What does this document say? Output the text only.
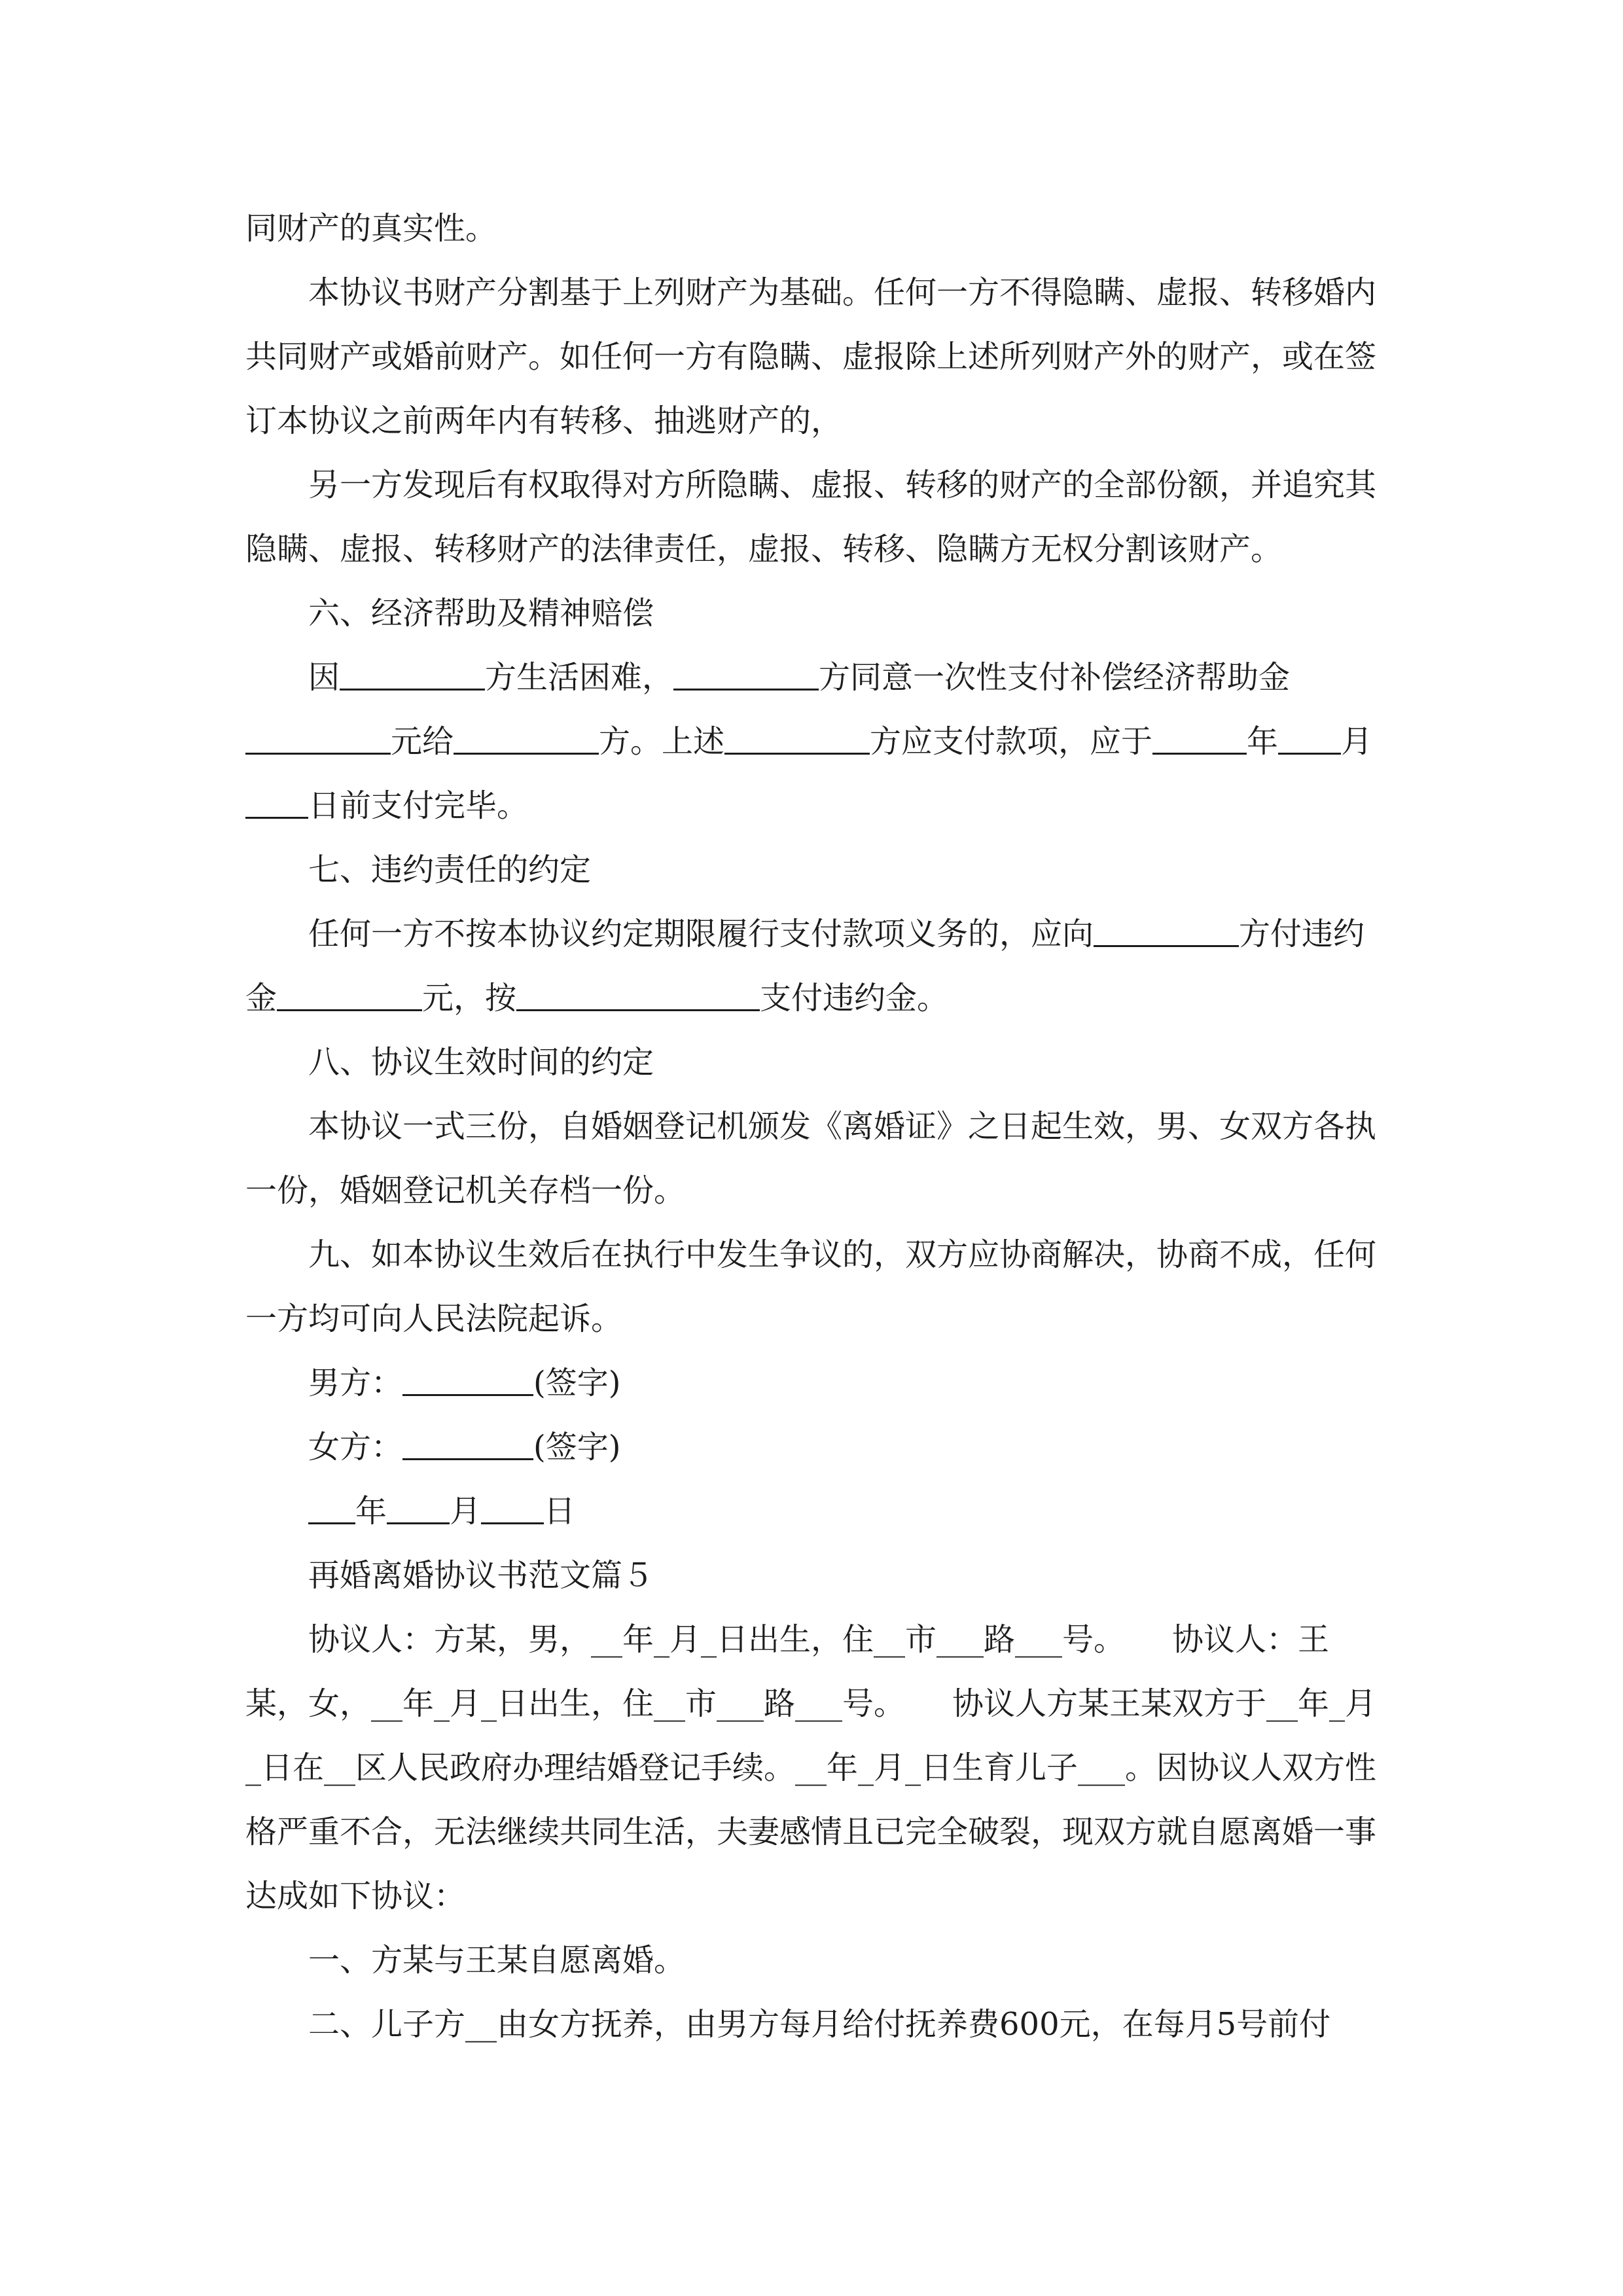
同财产的真实性。

本协议书财产分割基于上列财产为基础。任何一方不得隐瞒、虚报、转移婚内共同财产或婚前财产。如任何一方有隐瞒、虚报除上述所列财产外的财产，或在签订本协议之前两年内有转移、抽逃财产的，

另一方发现后有权取得对方所隐瞒、虚报、转移的财产的全部份额，并追究其隐瞒、虚报、转移财产的法律责任，虚报、转移、隐瞒方无权分割该财产。

六、经济帮助及精神赔偿

因	方生活困难，	方同意一次性支付补偿经济帮助金元给	方。上述	方应支付款项，应于	年 月日前支付完毕。

七、违约责任的约定

任何一方不按本协议约定期限履行支付款项义务的，应向	方付违约金	元，按	支付违约金。

八、协议生效时间的约定

本协议一式三份，自婚姻登记机颁发《离婚证》之日起生效，男、女双方各执一份，婚姻登记机关存档一份。

九、如本协议生效后在执行中发生争议的，双方应协商解决，协商不成，任何一方均可向人民法院起诉。

男方：	(签字)

女方：	(签字)

年 月 日

再婚离婚协议书范文篇５

协议人：方某，男，__年_月_日出生，住__市___路___号。　　协议人：王某，女，__年_月_日出生，住__市___路___号。　　协议人方某王某双方于__年_月_日在__区人民政府办理结婚登记手续。__年_月_日生育儿子___。因协议人双方性格严重不合，无法继续共同生活，夫妻感情且已完全破裂，现双方就自愿离婚一事达成如下协议：

一、方某与王某自愿离婚。

二、儿子方__由女方抚养，由男方每月给付抚养费600元，在每月5号前付
